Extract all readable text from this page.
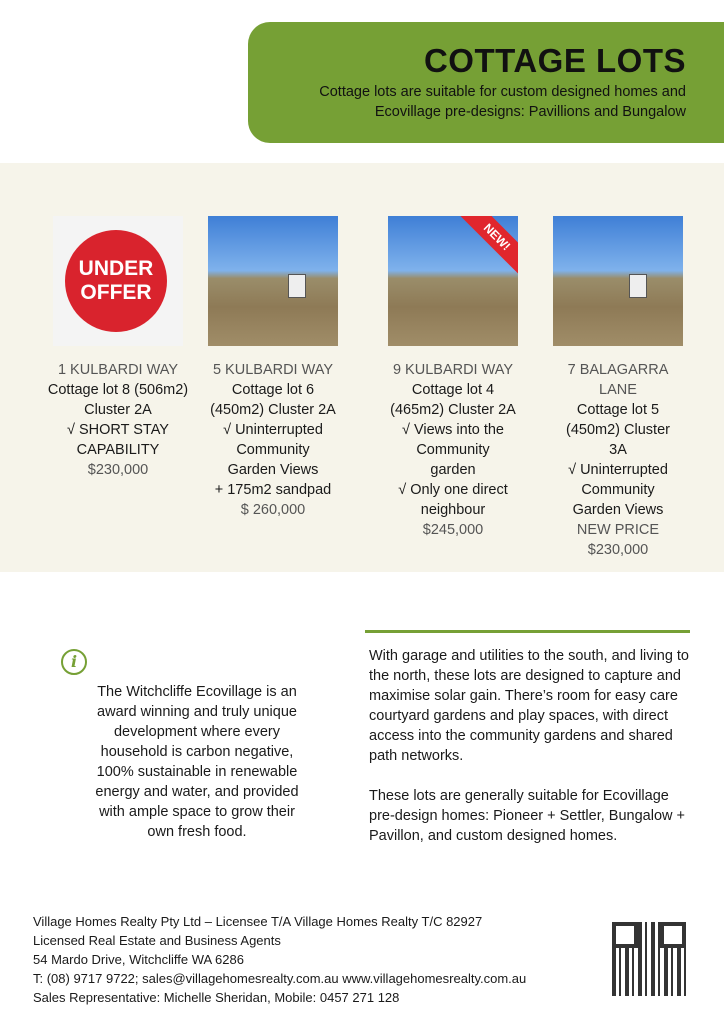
COTTAGE LOTS

Cottage lots are suitable for custom designed homes and
Ecovillage pre-designs: Pavillions and Bungalow

UNDER OFFER
1 KULBARDI WAY
Cottage lot 8 (506m2)
Cluster 2A
√ SHORT STAY
CAPABILITY
$230,000
5 KULBARDI WAY
Cottage lot 6
(450m2) Cluster 2A
√ Uninterrupted
Community
Garden Views
+ 175m2 sandpad
$ 260,000
NEW!
9 KULBARDI WAY
Cottage lot 4
(465m2) Cluster 2A
√ Views into the
Community
garden
√ Only one direct
neighbour
$245,000
7 BALAGARRA LANE
Cottage lot 5
(450m2) Cluster
3A
√ Uninterrupted
Community
Garden Views
NEW PRICE
$230,000
i
The Witchcliffe Ecovillage is an award winning and truly unique development where every household is carbon negative, 100% sustainable in renewable energy and water, and provided with ample space to grow their own fresh food.

With garage and utilities to the south, and living to the north, these lots are designed to capture and maximise solar gain. There’s room for easy care courtyard gardens and play spaces, with direct access into the community gardens and shared path networks.

These lots are generally suitable for Ecovillage pre-design homes: Pioneer + Settler, Bungalow + Pavillon, and custom designed homes.

Village Homes Realty Pty Ltd – Licensee T/A Village Homes Realty T/C 82927
Licensed Real Estate and Business Agents
54 Mardo Drive, Witchcliffe WA 6286
T: (08) 9717 9722; sales@villagehomesrealty.com.au www.villagehomesrealty.com.au
Sales Representative: Michelle Sheridan, Mobile: 0457 271 128
